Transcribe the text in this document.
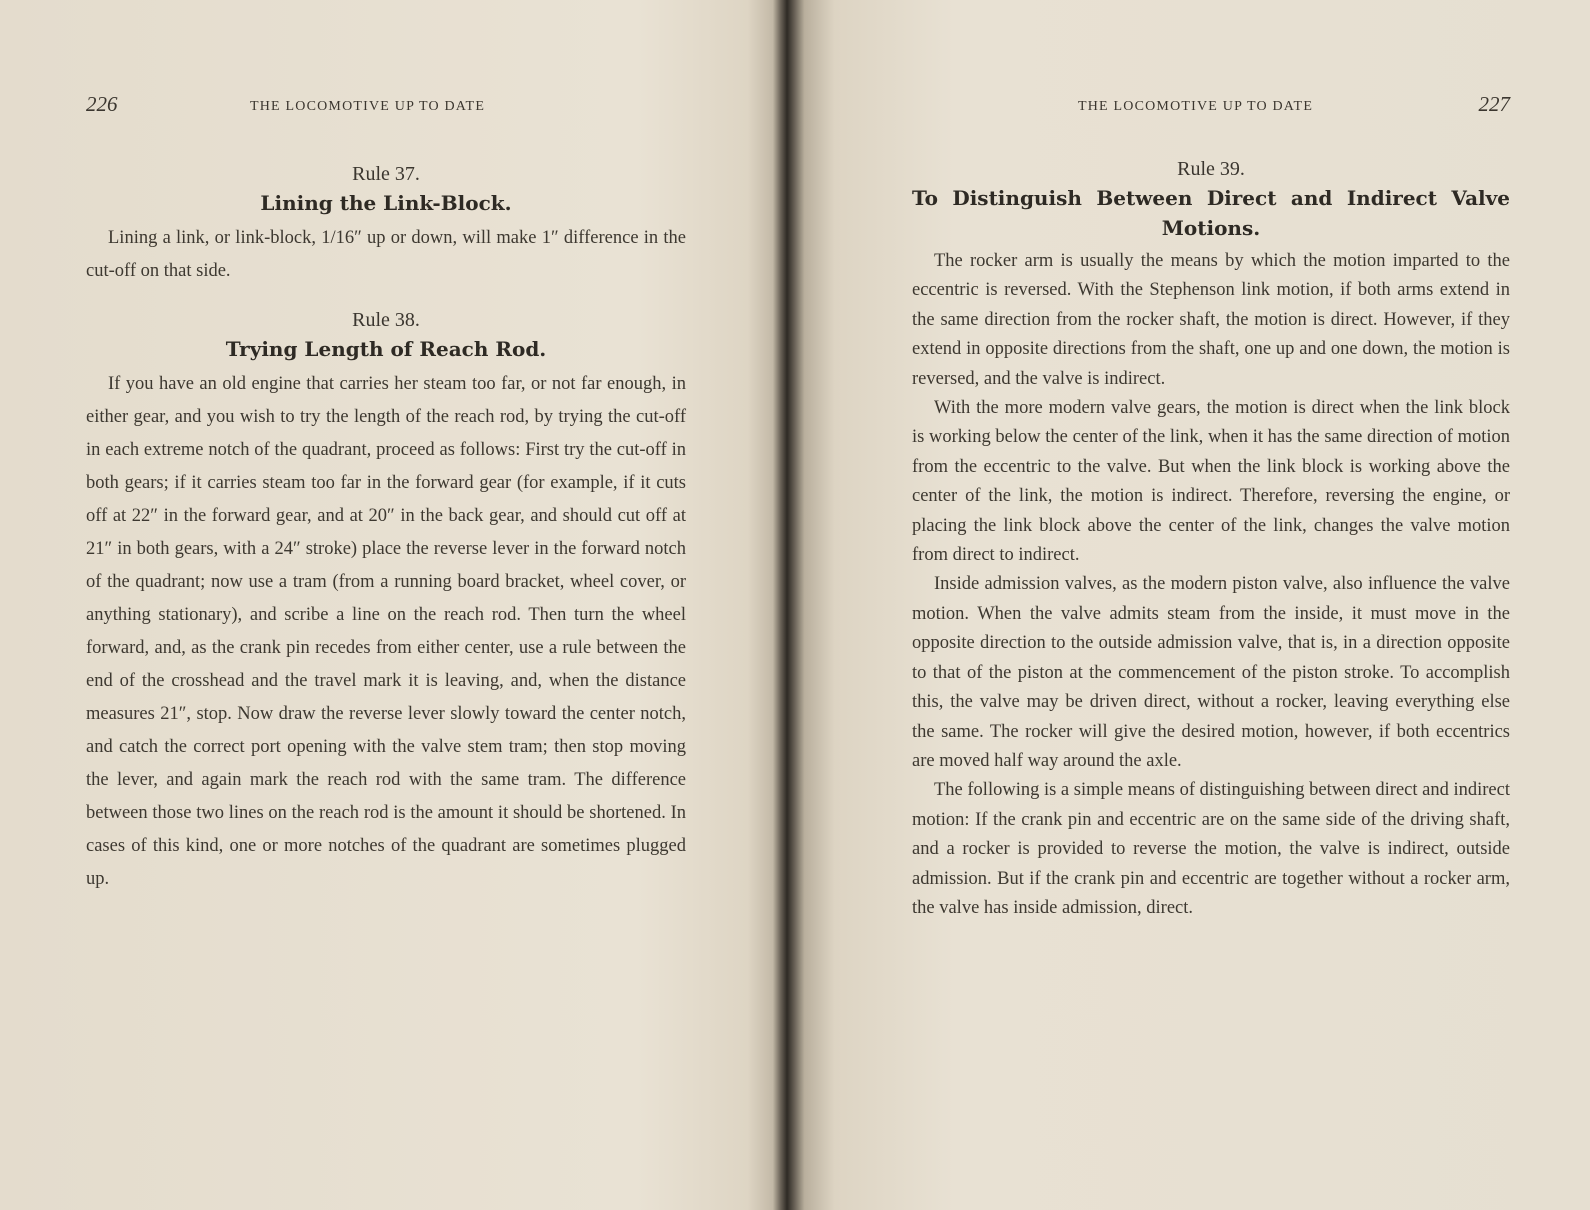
226	THE LOCOMOTIVE UP TO DATE

Rule 37.

Lining the Link-Block.

Lining a link, or link-block, 1/16″ up or down, will make 1″ difference in the cut-off on that side.

Rule 38.

Trying Length of Reach Rod.

If you have an old engine that carries her steam too far, or not far enough, in either gear, and you wish to try the length of the reach rod, by trying the cut-off in each extreme notch of the quadrant, proceed as follows: First try the cut-off in both gears; if it carries steam too far in the forward gear (for example, if it cuts off at 22″ in the forward gear, and at 20″ in the back gear, and should cut off at 21″ in both gears, with a 24″ stroke) place the reverse lever in the forward notch of the quadrant; now use a tram (from a running board bracket, wheel cover, or anything stationary), and scribe a line on the reach rod. Then turn the wheel forward, and, as the crank pin recedes from either center, use a rule between the end of the crosshead and the travel mark it is leaving, and, when the distance measures 21″, stop. Now draw the reverse lever slowly toward the center notch, and catch the correct port opening with the valve stem tram; then stop moving the lever, and again mark the reach rod with the same tram. The difference between those two lines on the reach rod is the amount it should be shortened. In cases of this kind, one or more notches of the quadrant are sometimes plugged up.

THE LOCOMOTIVE UP TO DATE	227

Rule 39.

To Distinguish Between Direct and Indirect Valve Motions.

The rocker arm is usually the means by which the motion imparted to the eccentric is reversed. With the Stephenson link motion, if both arms extend in the same direction from the rocker shaft, the motion is direct. However, if they extend in opposite directions from the shaft, one up and one down, the motion is reversed, and the valve is indirect.

With the more modern valve gears, the motion is direct when the link block is working below the center of the link, when it has the same direction of motion from the eccentric to the valve. But when the link block is working above the center of the link, the motion is indirect. Therefore, reversing the engine, or placing the link block above the center of the link, changes the valve motion from direct to indirect.

Inside admission valves, as the modern piston valve, also influence the valve motion. When the valve admits steam from the inside, it must move in the opposite direction to the outside admission valve, that is, in a direction opposite to that of the piston at the commencement of the piston stroke. To accomplish this, the valve may be driven direct, without a rocker, leaving everything else the same. The rocker will give the desired motion, however, if both eccentrics are moved half way around the axle.

The following is a simple means of distinguishing between direct and indirect motion: If the crank pin and eccentric are on the same side of the driving shaft, and a rocker is provided to reverse the motion, the valve is indirect, outside admission. But if the crank pin and eccentric are together without a rocker arm, the valve has inside admission, direct.
